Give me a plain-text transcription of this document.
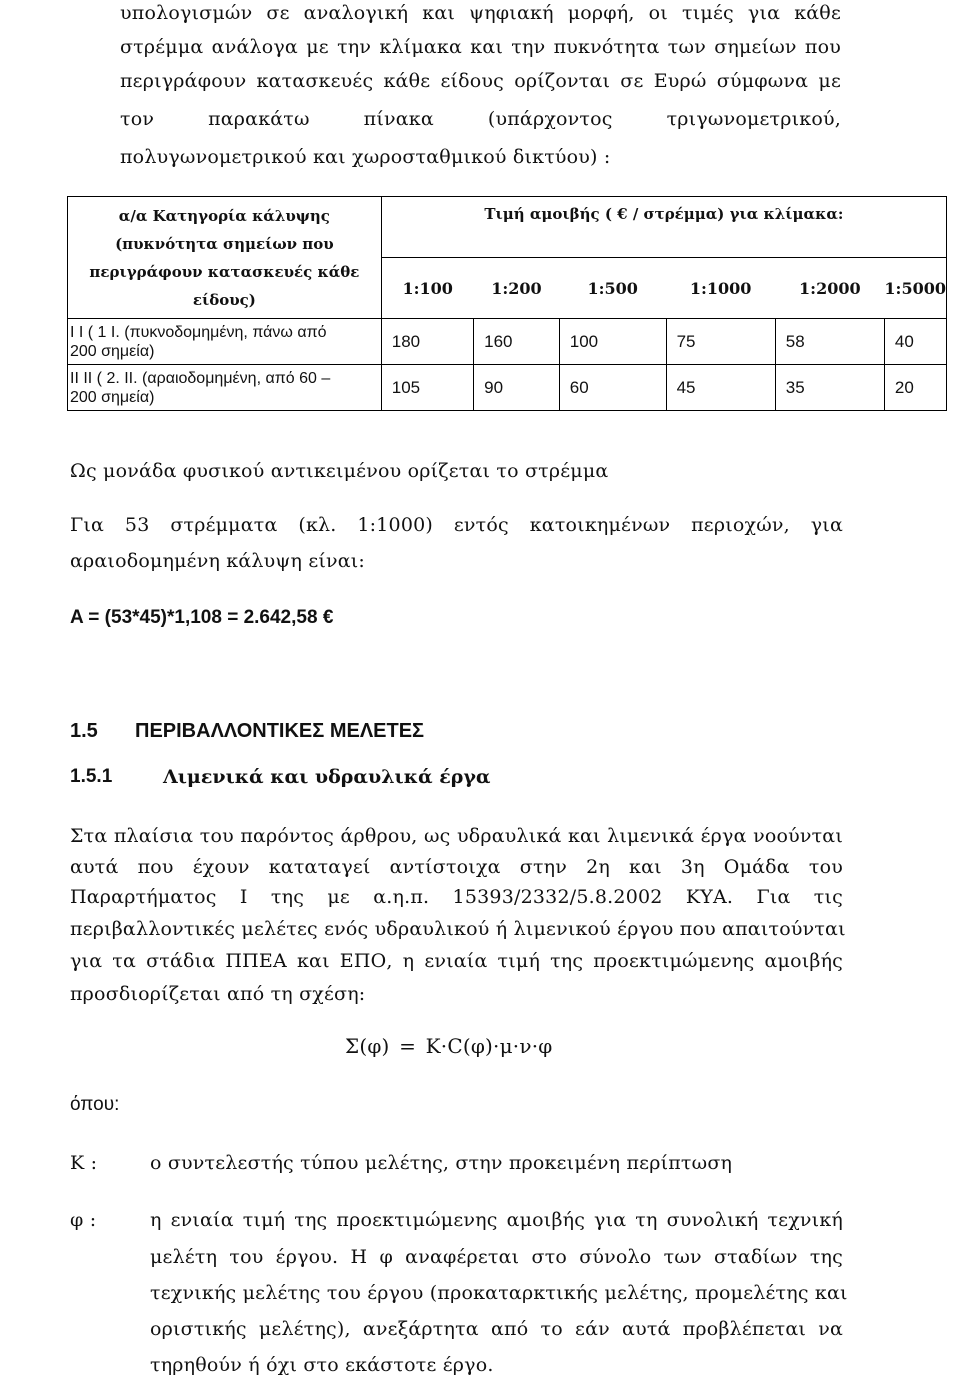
υπολογισμών σε αναλογική και ψηφιακή μορφή, οι τιμές για κάθε
στρέμμα ανάλογα με την κλίμακα και την πυκνότητα των σημείων που
περιγράφουν κατασκευές κάθε είδους ορίζονται σε Ευρώ σύμφωνα με
τον παρακάτω πίνακα (υπάρχοντος τριγωνομετρικού,
πολυγωνομετρικού και χωροσταθμικού δικτύου) :
α/α Κατηγορία κάλυψης
(πυκνότητα σημείων που
περιγράφουν κατασκευές κάθε
είδους)	Τιμή αμοιβής ( € / στρέμμα) για κλίμακα:					
	1:100	1:200	1:500	1:1000	1:2000	1:5000

I I ( 1 I. (πυκνοδομημένη, πάνω από
200 σημεία)	180	160	100	75	58	40

II II ( 2. II. (αραιοδομημένη, από 60 –
200 σημεία)	105	90	60	45	35	20
Ως μονάδα φυσικού αντικειμένου ορίζεται το στρέμμα
Για 53 στρέμματα (κλ. 1:1000) εντός κατοικημένων περιοχών, για
αραιοδομημένη κάλυψη είναι:
A = (53*45)*1,108 = 2.642,58 €
1.5 ΠΕΡΙΒΑΛΛΟΝΤΙΚΕΣ ΜΕΛΕΤΕΣ
1.5.1	Λιμενικά και υδραυλικά έργα
Στα πλαίσια του παρόντος άρθρου, ως υδραυλικά και λιμενικά έργα νοούνται
αυτά που έχουν καταταγεί αντίστοιχα στην 2η και 3η Ομάδα του
Παραρτήματος I της με α.η.π. 15393/2332/5.8.2002 ΚΥΑ. Για τις
περιβαλλοντικές μελέτες ενός υδραυλικού ή λιμενικού έργου που απαιτούνται
για τα στάδια ΠΠΕΑ και ΕΠΟ, η ενιαία τιμή της προεκτιμώμενης αμοιβής
προσδιορίζεται από τη σχέση:
Σ(φ) = K·C(φ)·μ·ν·φ
όπου:
K :	ο συντελεστής τύπου μελέτης, στην προκειμένη περίπτωση
φ :	η ενιαία τιμή της προεκτιμώμενης αμοιβής για τη συνολική τεχνική
μελέτη του έργου. Η φ αναφέρεται στο σύνολο των σταδίων της
τεχνικής μελέτης του έργου (προκαταρκτικής μελέτης, προμελέτης και
οριστικής μελέτης), ανεξάρτητα από το εάν αυτά προβλέπεται να
τηρηθούν ή όχι στο εκάστοτε έργο.
